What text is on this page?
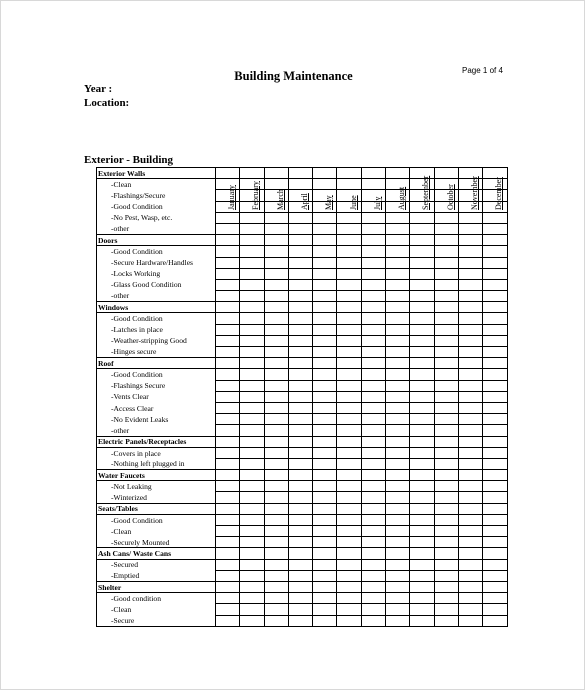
Building Maintenance	Page 1 of 4
Year :
Location:
Exterior - Building
January February March April May June July August September October November December
Exterior Walls												
-Clean												
-Flashings/Secure												
-Good Condition												
-No Pest, Wasp, etc.												
-other												
Doors												
-Good Condition												
-Secure Hardware/Handles												
-Locks Working												
-Glass Good Condition												
-other												
Windows												
-Good Condition												
-Latches in place												
-Weather-stripping Good												
-Hinges secure												
Roof												
-Good Condition												
-Flashings Secure												
-Vents Clear												
-Access Clear												
-No Evident Leaks												
-other												
Electric Panels/Receptacles												
-Covers in place												
-Nothing left plugged in												
Water Faucets												
-Not Leaking												
-Winterized												
Seats/Tables												
-Good Condition												
-Clean												
-Securely Mounted												
Ash Cans/ Waste Cans												
-Secured												
-Emptied												
Shelter												
-Good condition												
-Clean												
-Secure												
